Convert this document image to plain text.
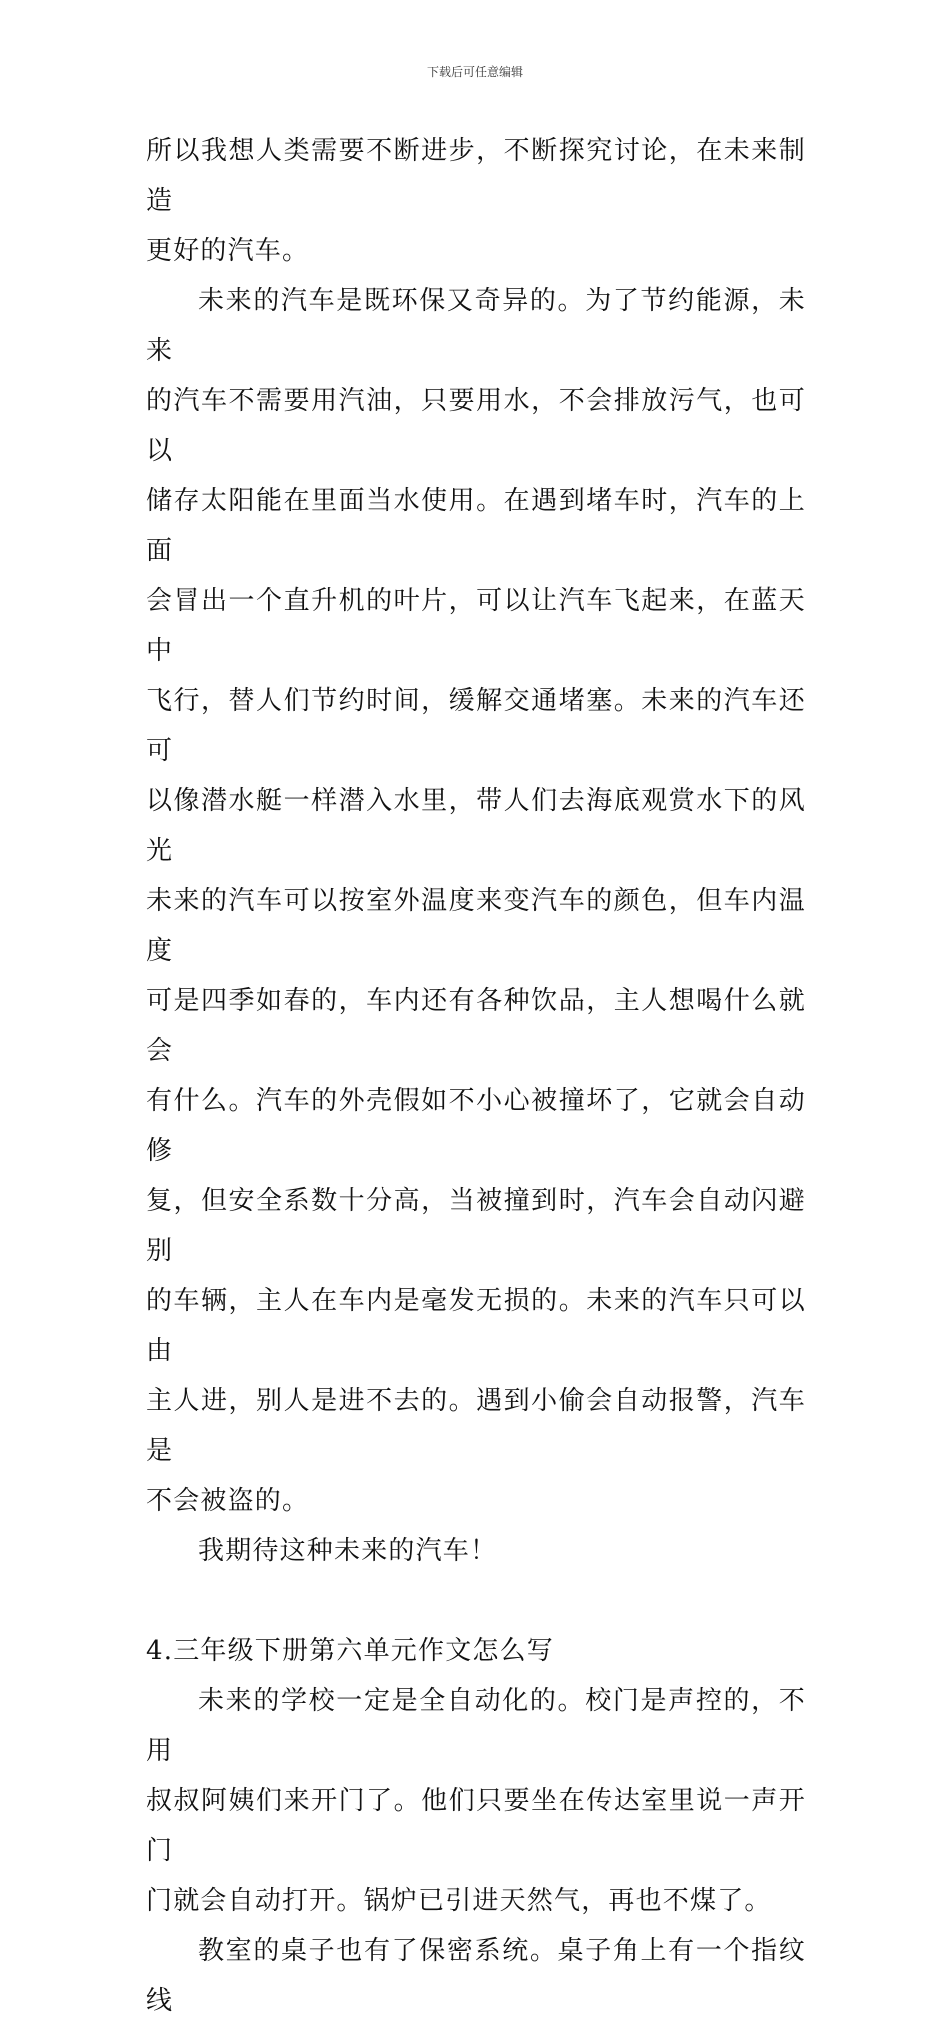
下载后可任意编辑

所以我想人类需要不断进步，不断探究讨论，在未来制造
更好的汽车。

未来的汽车是既环保又奇异的。为了节约能源，未来
的汽车不需要用汽油，只要用水，不会排放污气，也可以
储存太阳能在里面当水使用。在遇到堵车时，汽车的上面
会冒出一个直升机的叶片，可以让汽车飞起来，在蓝天中
飞行，替人们节约时间，缓解交通堵塞。未来的汽车还可
以像潜水艇一样潜入水里，带人们去海底观赏水下的风光
未来的汽车可以按室外温度来变汽车的颜色，但车内温度
可是四季如春的，车内还有各种饮品，主人想喝什么就会
有什么。汽车的外壳假如不小心被撞坏了，它就会自动修
复，但安全系数十分高，当被撞到时，汽车会自动闪避别
的车辆，主人在车内是毫发无损的。未来的汽车只可以由
主人进，别人是进不去的。遇到小偷会自动报警，汽车是
不会被盗的。

我期待这种未来的汽车！

4.三年级下册第六单元作文怎么写

未来的学校一定是全自动化的。校门是声控的，不用
叔叔阿姨们来开门了。他们只要坐在传达室里说一声开门
门就会自动打开。锅炉已引进天然气，再也不煤了。

教室的桌子也有了保密系统。桌子角上有一个指纹线
